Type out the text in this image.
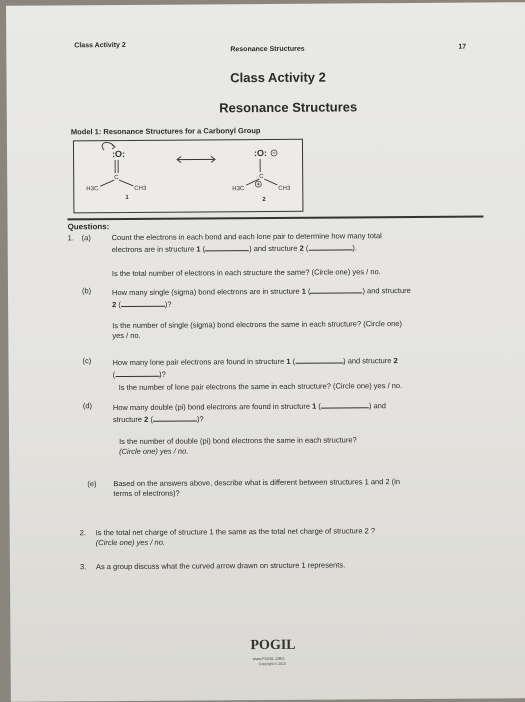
Class Activity 2
Resonance Structures	17
Class Activity 2
Resonance Structures
Model 1: Resonance Structures for a Carbonyl Group
:O:
C
H3C	CH3
1
:O:
C
H3C	CH3
2
Questions:
1. (a)	Count the electrons in each bond and each lone pair to determine how many total
electrons are in structure 1 (	) and structure 2 (	).
Is the total number of electrons in each structure the same? (Circle one) yes / no.
(b)	How many single (sigma) bond electrons are in structure 1 (	) and structure
2 (	)?
Is the number of single (sigma) bond electrons the same in each structure? (Circle one)
yes / no.
(c)	How many lone pair electrons are found in structure 1 (	) and structure 2
(	)?
Is the number of lone pair electrons the same in each structure? (Circle one) yes / no.
(d)	How many double (pi) bond electrons are found in structure 1 (	) and
structure 2 (	)?
Is the number of double (pi) bond electrons the same in each structure?
(Circle one) yes / no.
(e) Based on the answers above, describe what is different between structures 1 and 2 (in
terms of electrons)?
2. Is the total net charge of structure 1 the same as the total net charge of structure 2 ?
(Circle one) yes / no.
3. As a group discuss what the curved arrow drawn on structure 1 represents.
POGIL
www.POGIL.ORG
Copyright © 2015
